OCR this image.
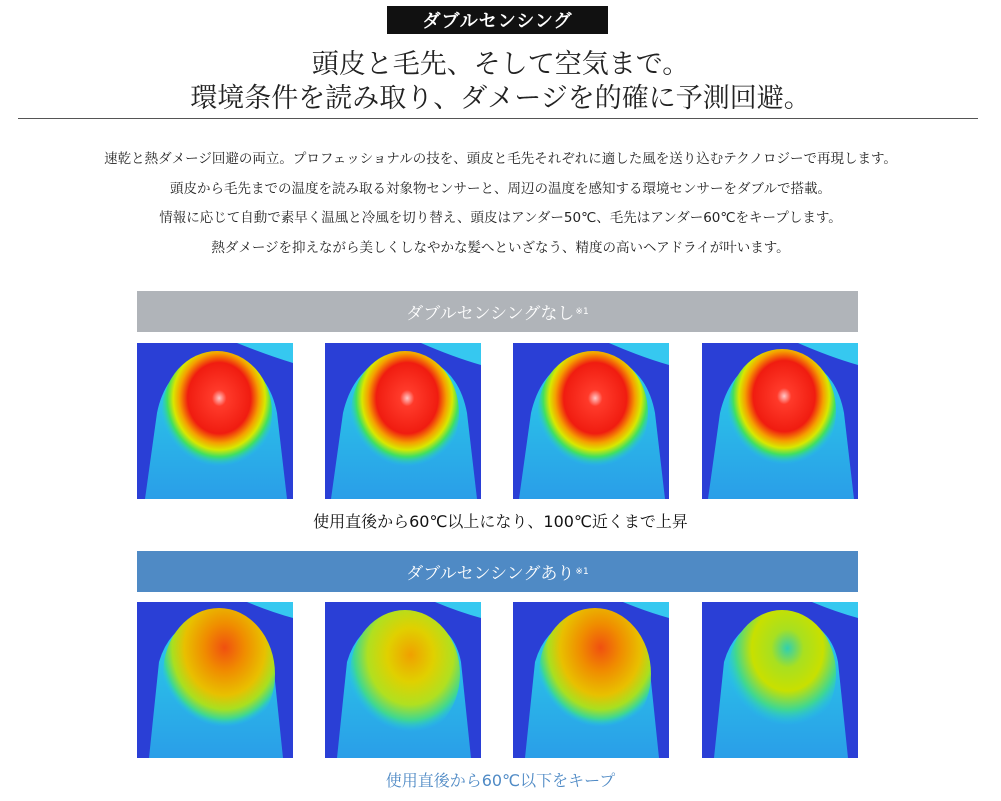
ダブルセンシング
頭皮と毛先、そして空気まで。
環境条件を読み取り、ダメージを的確に予測回避。

速乾と熱ダメージ回避の両立。プロフェッショナルの技を、頭皮と毛先それぞれに適した風を送り込むテクノロジーで再現します。

頭皮から毛先までの温度を読み取る対象物センサーと、周辺の温度を感知する環境センサーをダブルで搭載。

情報に応じて自動で素早く温風と冷風を切り替え、頭皮はアンダー50℃、毛先はアンダー60℃をキープします。

熱ダメージを抑えながら美しくしなやかな髪へといざなう、精度の高いヘアドライが叶います。

ダブルセンシングなし ※1
使用直後から60℃以上になり、100℃近くまで上昇
ダブルセンシングあり ※1
使用直後から60℃以下をキープ
